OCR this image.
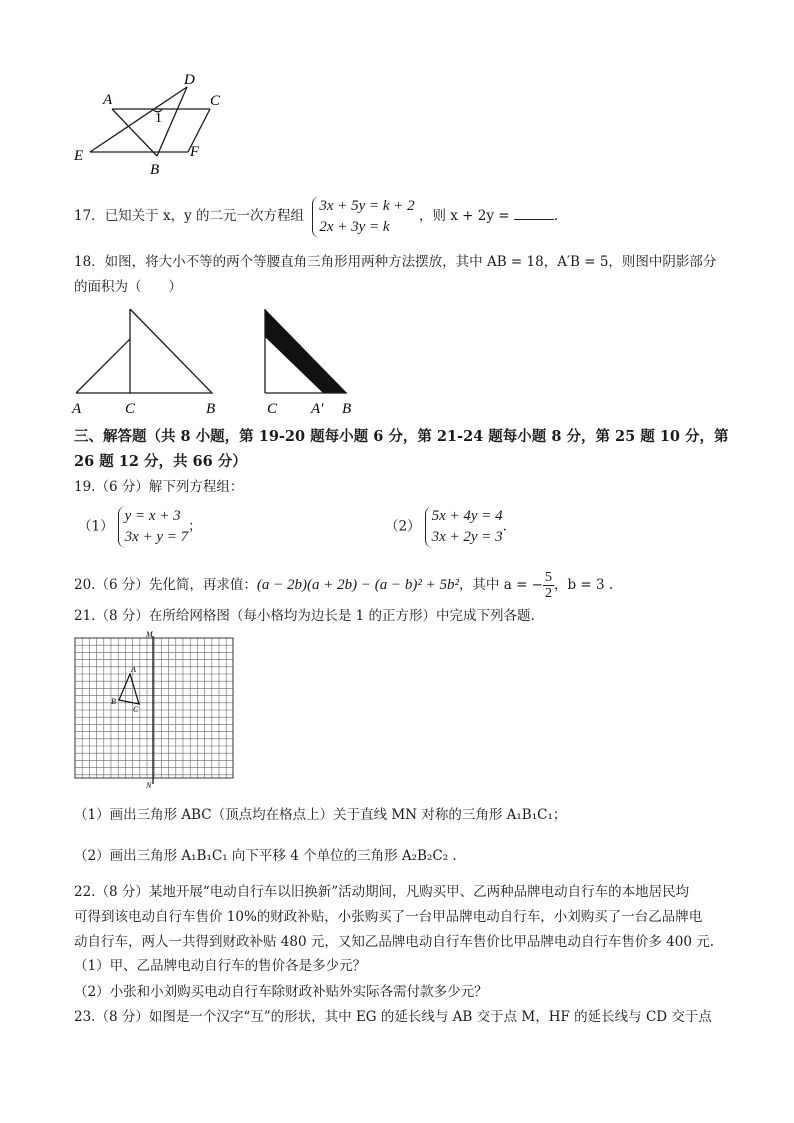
A
D
C
1
E	F
B
17．已知关于 x，y 的二元一次方程组
3x + 5y = k + 2
2x + 3y = k
，则 x + 2y =	.
18．如图，将大小不等的两个等腰直角三角形用两种方法摆放，其中 AB = 18，A′B = 5，则图中阴影部分
的面积为（　　）
A	C	B	C A′ B
三、解答题（共 8 小题，第 19-20 题每小题 6 分，第 21-24 题每小题 8 分，第 25 题 10 分，第
26 题 12 分，共 66 分）
19.（6 分）解下列方程组：
（1）
y = x + 3
3x + y = 7
；	（2）
5x + 4y = 4
3x + 2y = 3
.
20.（6 分）先化简，再求值：(a − 2b)(a + 2b) − (a − b)² + 5b²，其中 a = − $\frac{5}{2}$ ，b = 3 .
21.（8 分）在所给网格图（每小格均为边长是 1 的正方形）中完成下列各题.
M
N
A
B
C
（1）画出三角形 ABC（顶点均在格点上）关于直线 MN 对称的三角形 A₁B₁C₁；
（2）画出三角形 A₁B₁C₁ 向下平移 4 个单位的三角形 A₂B₂C₂ .
22.（8 分）某地开展“电动自行车以旧换新”活动期间，凡购买甲、乙两种品牌电动自行车的本地居民均
可得到该电动自行车售价 10%的财政补贴，小张购买了一台甲品牌电动自行车，小刘购买了一台乙品牌电
动自行车，两人一共得到财政补贴 480 元，又知乙品牌电动自行车售价比甲品牌电动自行车售价多 400 元.
（1）甲、乙品牌电动自行车的售价各是多少元？
（2）小张和小刘购买电动自行车除财政补贴外实际各需付款多少元？
23.（8 分）如图是一个汉字“互”的形状，其中 EG 的延长线与 AB 交于点 M，HF 的延长线与 CD 交于点
